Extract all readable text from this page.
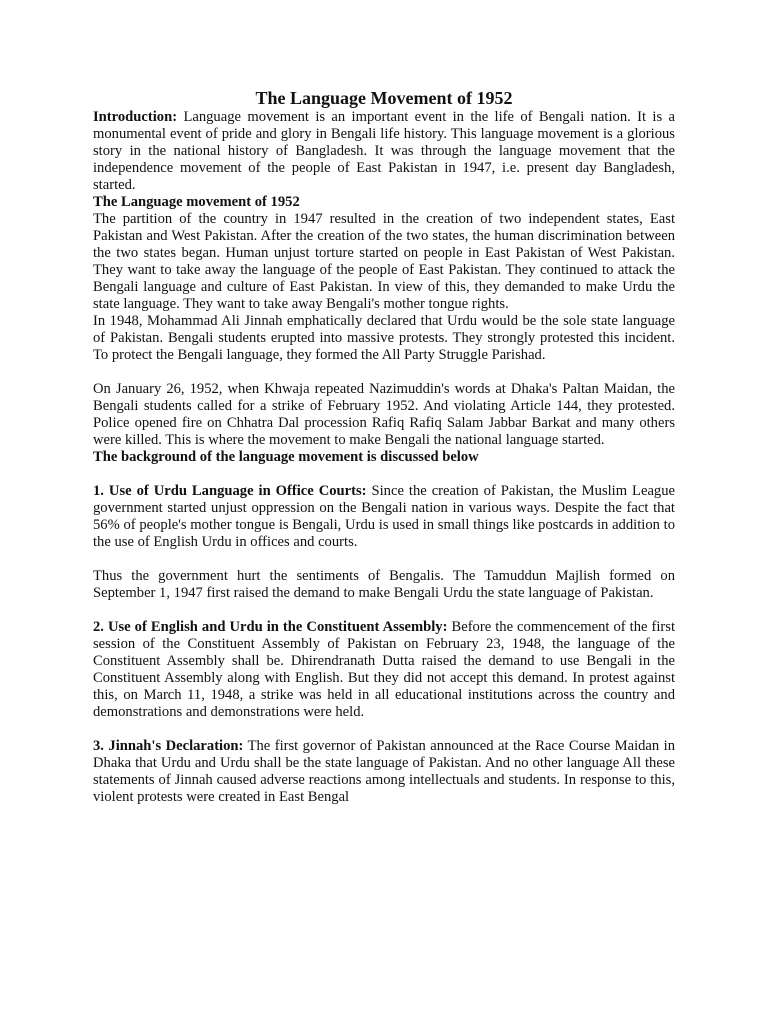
The Language Movement of 1952

Introduction: Language movement is an important event in the life of Bengali nation. It is a monumental event of pride and glory in Bengali life history. This language movement is a glorious story in the national history of Bangladesh. It was through the language movement that the independence movement of the people of East Pakistan in 1947, i.e. present day Bangladesh, started.

The Language movement of 1952

The partition of the country in 1947 resulted in the creation of two independent states, East Pakistan and West Pakistan. After the creation of the two states, the human discrimination between the two states began. Human unjust torture started on people in East Pakistan of West Pakistan. They want to take away the language of the people of East Pakistan. They continued to attack the Bengali language and culture of East Pakistan. In view of this, they demanded to make Urdu the state language. They want to take away Bengali's mother tongue rights.

In 1948, Mohammad Ali Jinnah emphatically declared that Urdu would be the sole state language of Pakistan. Bengali students erupted into massive protests. They strongly protested this incident. To protect the Bengali language, they formed the All Party Struggle Parishad.

On January 26, 1952, when Khwaja repeated Nazimuddin's words at Dhaka's Paltan Maidan, the Bengali students called for a strike of February 1952. And violating Article 144, they protested. Police opened fire on Chhatra Dal procession Rafiq Rafiq Salam Jabbar Barkat and many others were killed. This is where the movement to make Bengali the national language started.

The background of the language movement is discussed below

1. Use of Urdu Language in Office Courts: Since the creation of Pakistan, the Muslim League government started unjust oppression on the Bengali nation in various ways. Despite the fact that 56% of people's mother tongue is Bengali, Urdu is used in small things like postcards in addition to the use of English Urdu in offices and courts.

Thus the government hurt the sentiments of Bengalis. The Tamuddun Majlish formed on September 1, 1947 first raised the demand to make Bengali Urdu the state language of Pakistan.

2. Use of English and Urdu in the Constituent Assembly: Before the commencement of the first session of the Constituent Assembly of Pakistan on February 23, 1948, the language of the Constituent Assembly shall be. Dhirendranath Dutta raised the demand to use Bengali in the Constituent Assembly along with English. But they did not accept this demand. In protest against this, on March 11, 1948, a strike was held in all educational institutions across the country and demonstrations and demonstrations were held.

3. Jinnah's Declaration: The first governor of Pakistan announced at the Race Course Maidan in Dhaka that Urdu and Urdu shall be the state language of Pakistan. And no other language All these statements of Jinnah caused adverse reactions among intellectuals and students. In response to this, violent protests were created in East Bengal
